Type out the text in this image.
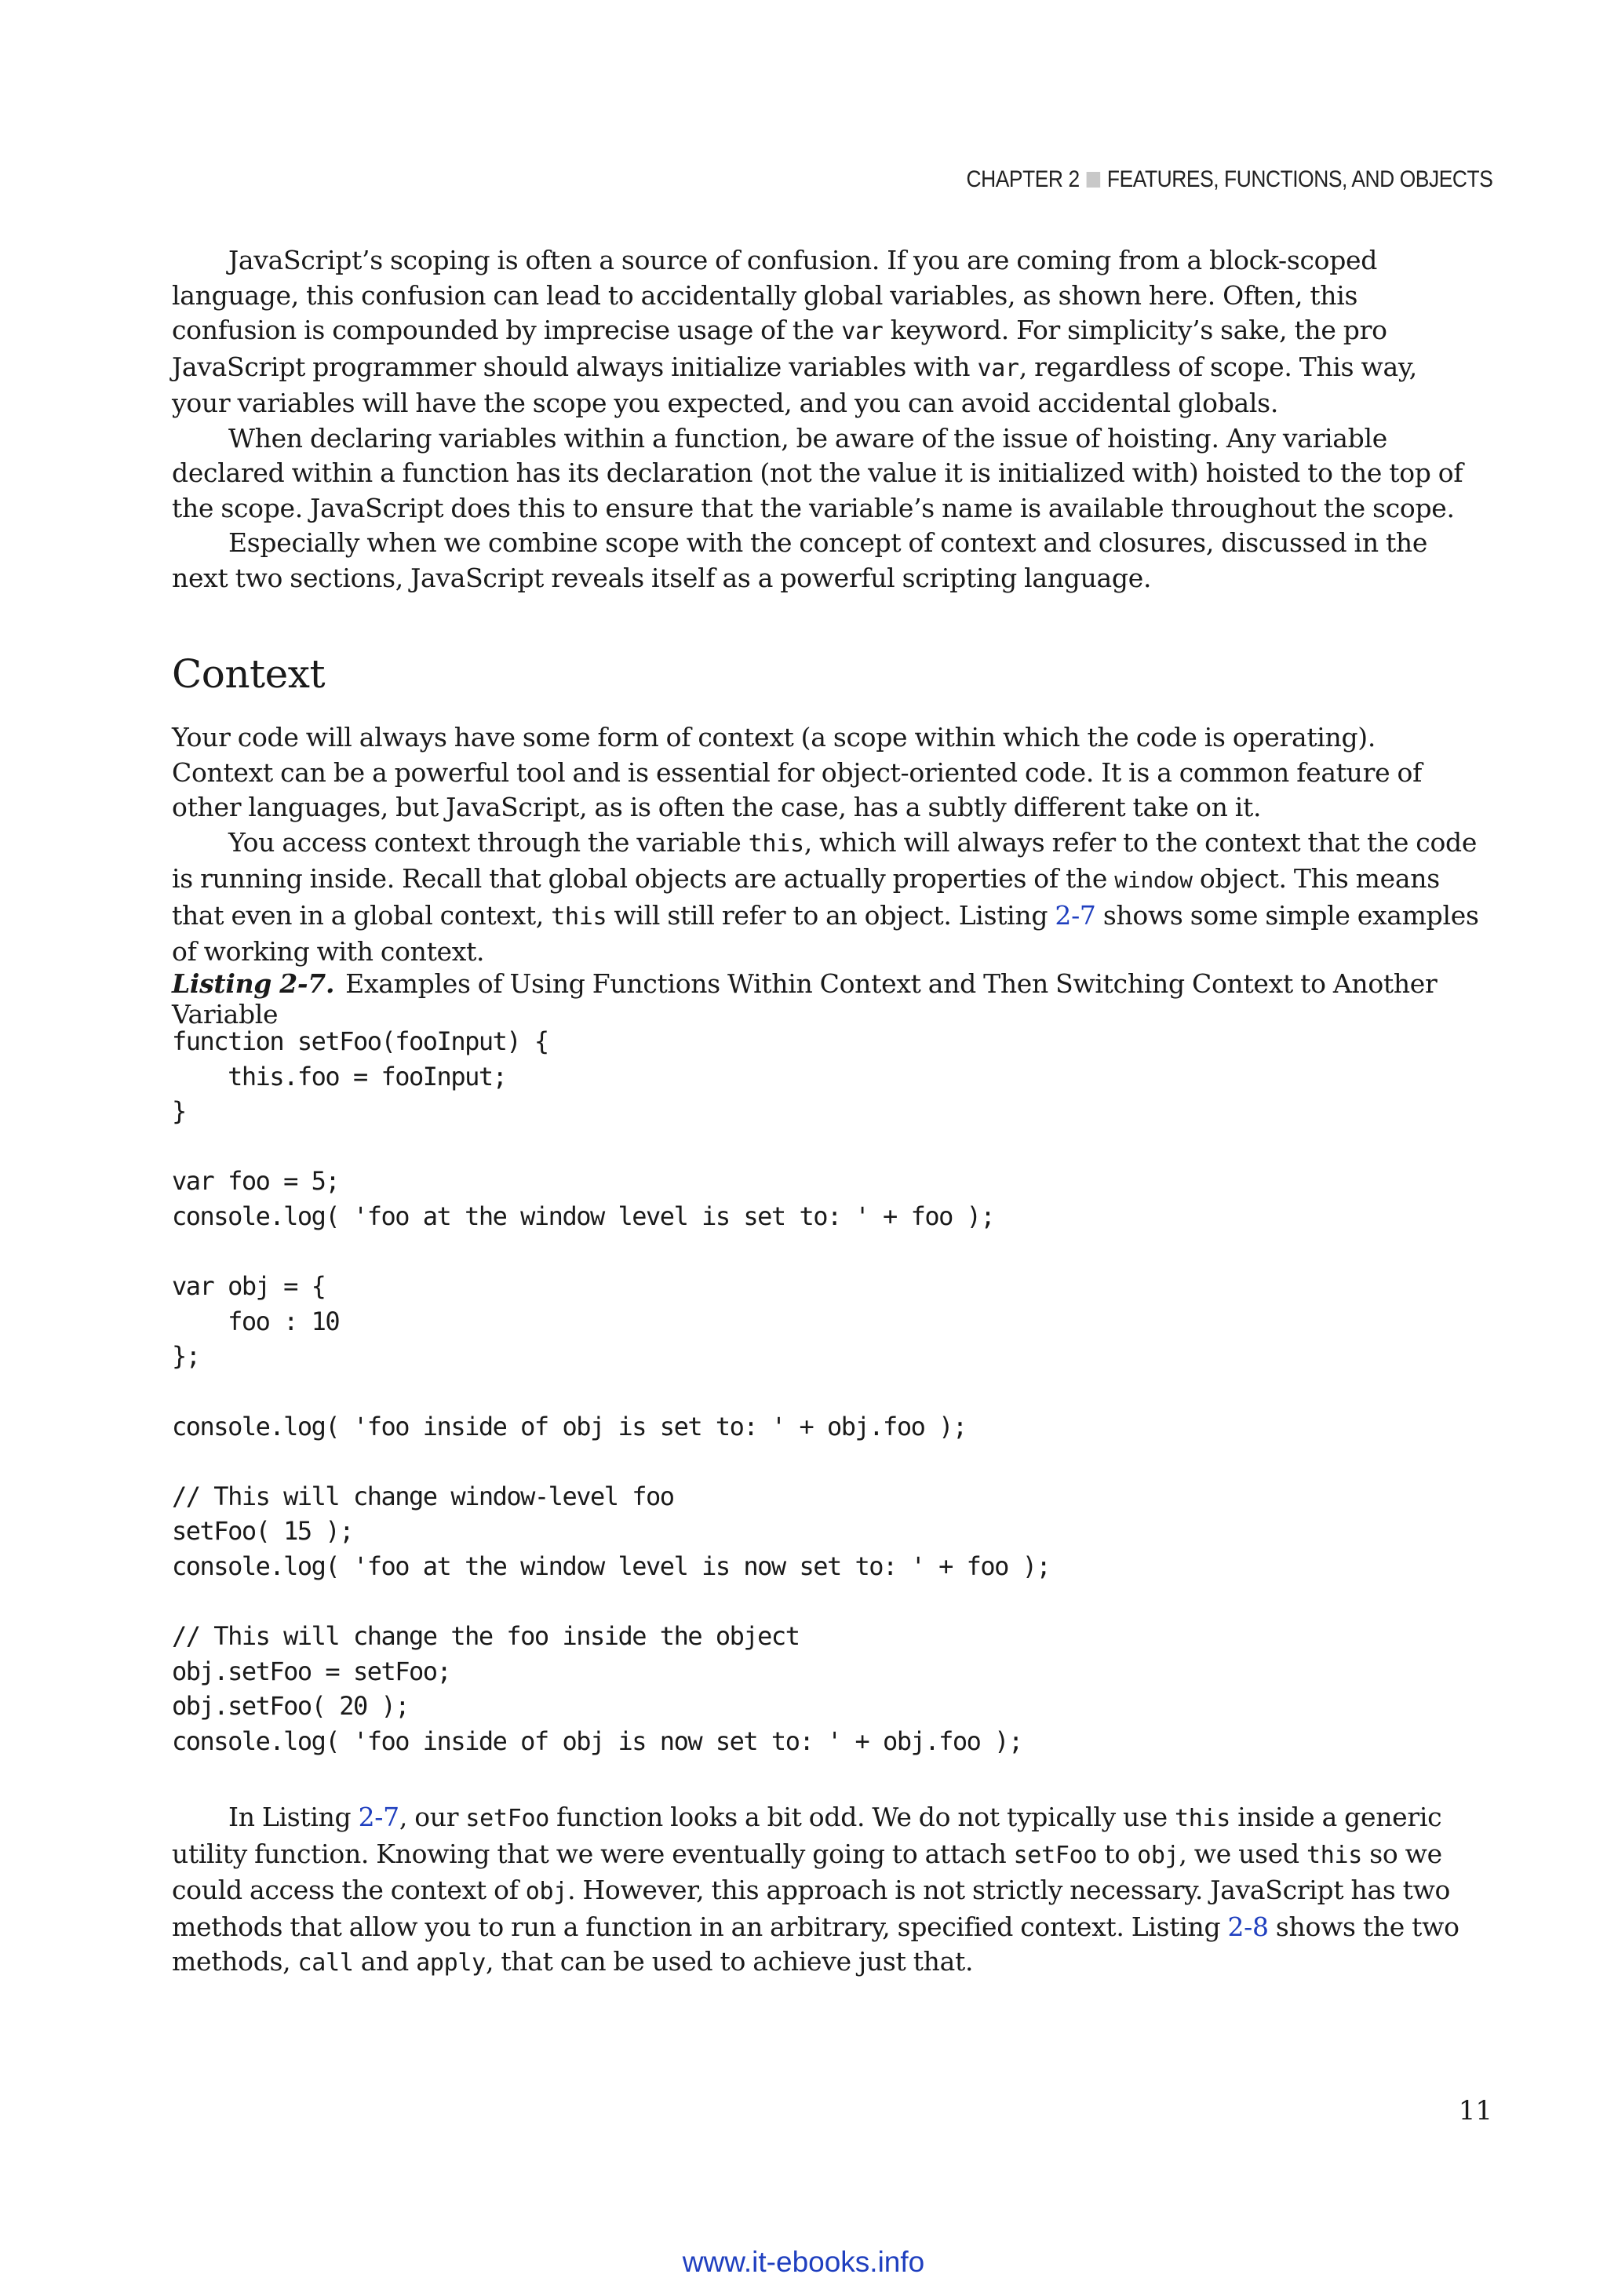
CHAPTER 2 FEATURES, FUNCTIONS, AND OBJECTS

JavaScript’s scoping is often a source of confusion. If you are coming from a block-scoped language, this confusion can lead to accidentally global variables, as shown here. Often, this confusion is compounded by imprecise usage of the var keyword. For simplicity’s sake, the pro JavaScript programmer should always initialize variables with var, regardless of scope. This way, your variables will have the scope you expected, and you can avoid accidental globals.

When declaring variables within a function, be aware of the issue of hoisting. Any variable declared within a function has its declaration (not the value it is initialized with) hoisted to the top of the scope. JavaScript does this to ensure that the variable’s name is available throughout the scope.

Especially when we combine scope with the concept of context and closures, discussed in the next two sections, JavaScript reveals itself as a powerful scripting language.

Context

Your code will always have some form of context (a scope within which the code is operating). Context can be a powerful tool and is essential for object-oriented code. It is a common feature of other languages, but JavaScript, as is often the case, has a subtly different take on it.

You access context through the variable this, which will always refer to the context that the code is running inside. Recall that global objects are actually properties of the window object. This means that even in a global context, this will still refer to an object. Listing 2-7 shows some simple examples of working with context.

Listing 2-7. Examples of Using Functions Within Context and Then Switching Context to Another Variable
function setFoo(fooInput) {
this.foo = fooInput;
}

var foo = 5;
console.log( 'foo at the window level is set to: ' + foo );

var obj = {
foo : 10
};

console.log( 'foo inside of obj is set to: ' + obj.foo );

// This will change window-level foo
setFoo( 15 );
console.log( 'foo at the window level is now set to: ' + foo );

// This will change the foo inside the object
obj.setFoo = setFoo;
obj.setFoo( 20 );
console.log( 'foo inside of obj is now set to: ' + obj.foo );

In Listing 2-7, our setFoo function looks a bit odd. We do not typically use this inside a generic utility function. Knowing that we were eventually going to attach setFoo to obj, we used this so we could access the context of obj. However, this approach is not strictly necessary. JavaScript has two methods that allow you to run a function in an arbitrary, specified context. Listing 2-8 shows the two methods, call and apply, that can be used to achieve just that.

11
www.it-ebooks.info
